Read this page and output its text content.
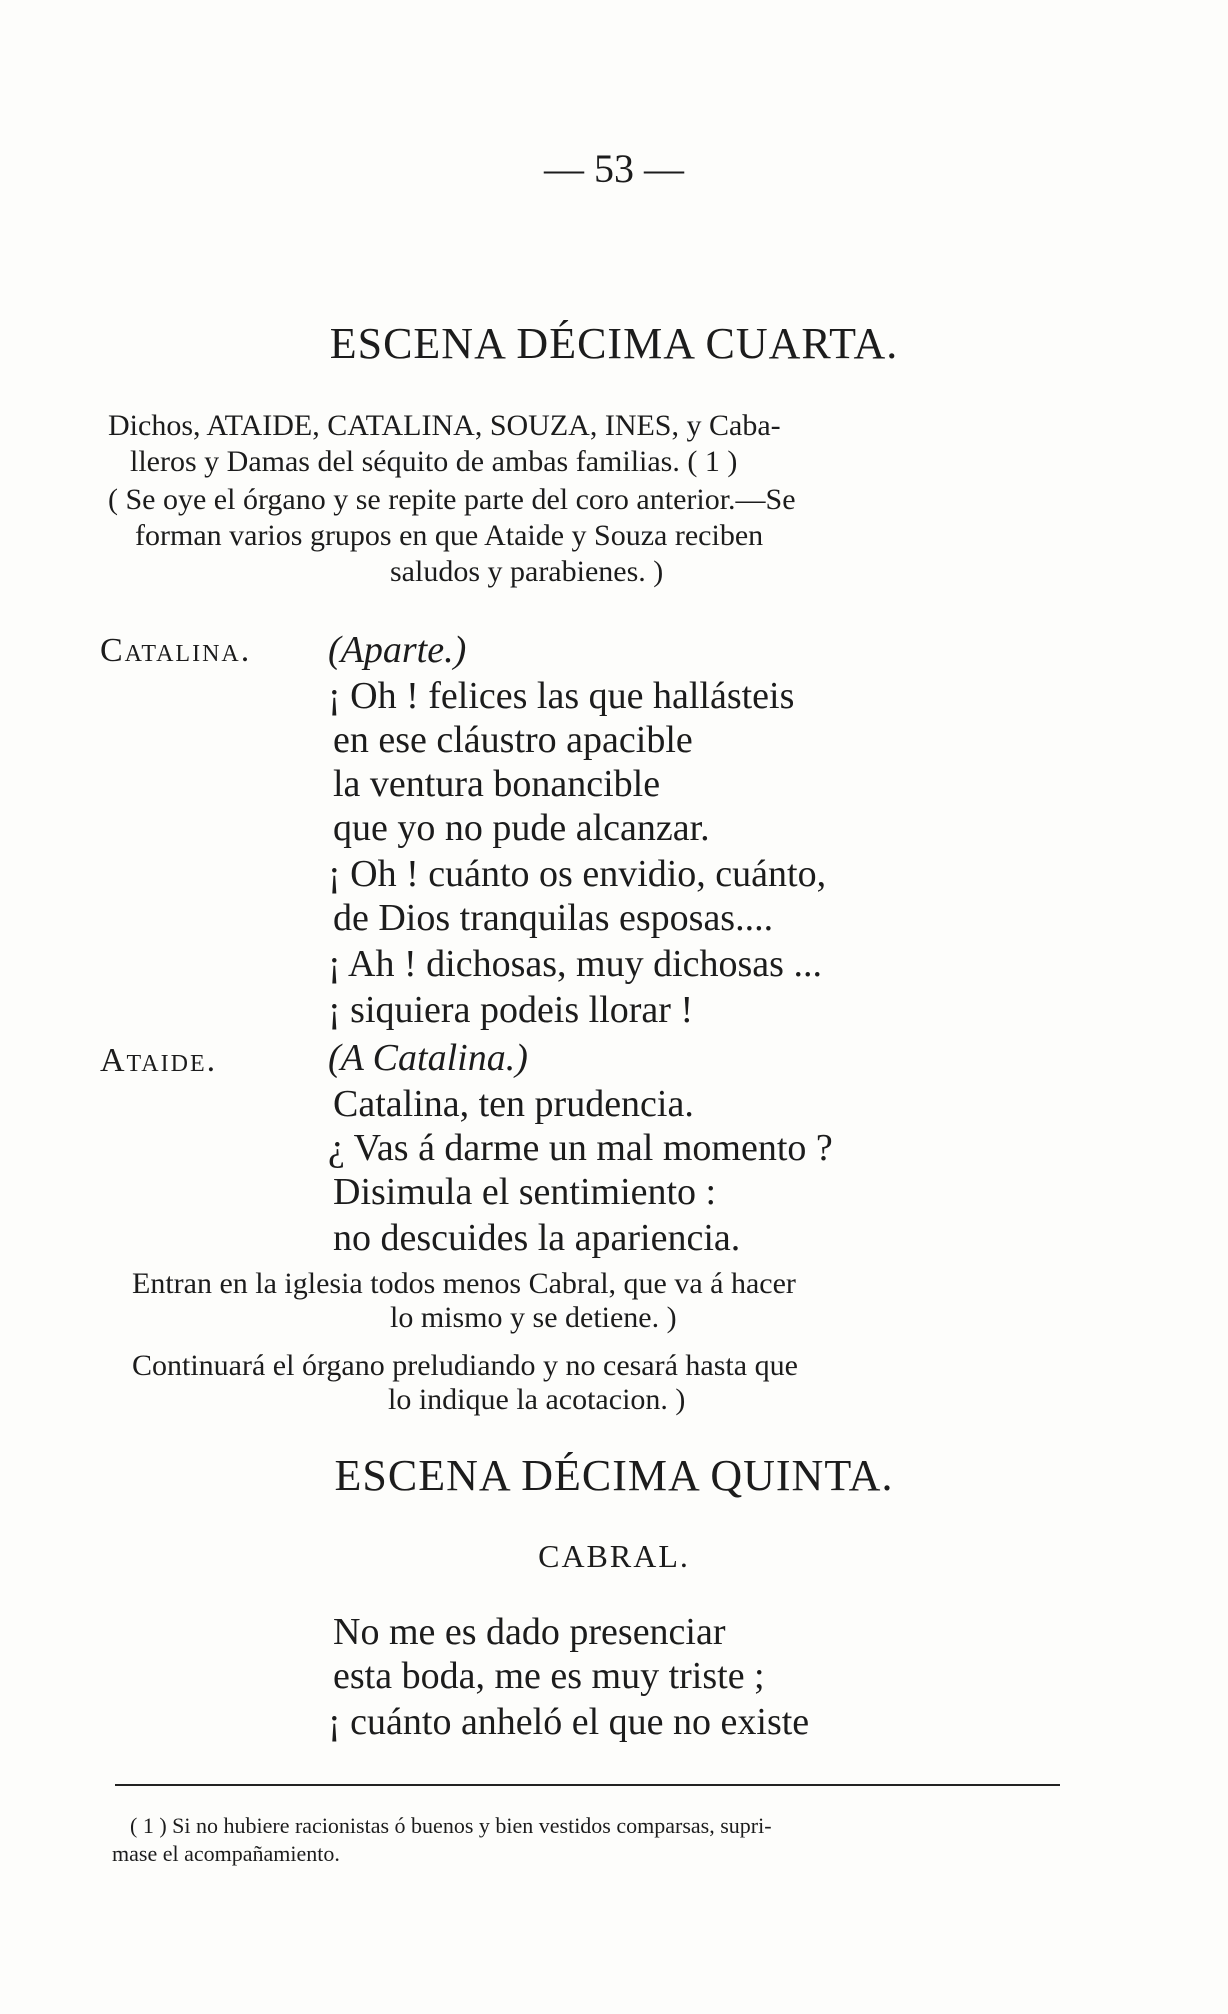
— 53 —
ESCENA DÉCIMA CUARTA.
Dichos, ATAIDE, CATALINA, SOUZA, INES, y Caba-
lleros y Damas del séquito de ambas familias. ( 1 )
( Se oye el órgano y se repite parte del coro anterior.—Se
forman varios grupos en que Ataide y Souza reciben
saludos y parabienes. )
Catalina. (Aparte.)
¡ Oh ! felices las que hallásteis
en ese cláustro apacible
la ventura bonancible
que yo no pude alcanzar.
¡ Oh ! cuánto os envidio, cuánto,
de Dios tranquilas esposas....
¡ Ah ! dichosas, muy dichosas ...
¡ siquiera podeis llorar !
Ataide.	(A Catalina.)
Catalina, ten prudencia.
¿ Vas á darme un mal momento ?
Disimula el sentimiento :
no descuides la apariencia.
Entran en la iglesia todos menos Cabral, que va á hacer
lo mismo y se detiene. )
Continuará el órgano preludiando y no cesará hasta que
lo indique la acotacion. )
ESCENA DÉCIMA QUINTA.
CABRAL.
No me es dado presenciar
esta boda, me es muy triste ;
¡ cuánto anheló el que no existe
( 1 ) Si no hubiere racionistas ó buenos y bien vestidos comparsas, supri-
mase el acompañamiento.
